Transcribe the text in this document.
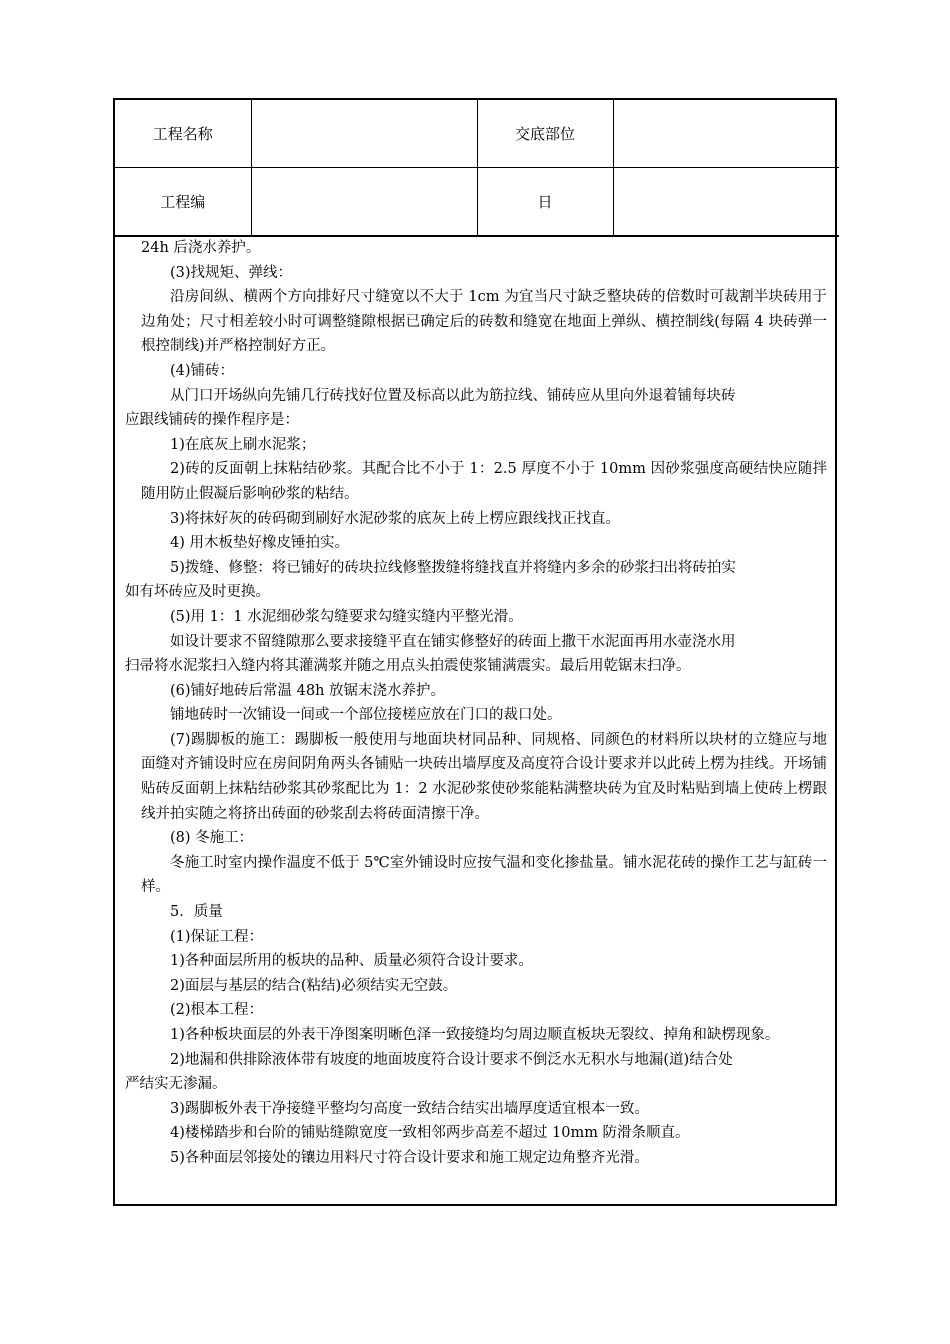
工程名称		交底部位	
工程编		日	

24h 后浇水养护。

(3)找规矩、弹线：

沿房间纵、横两个方向排好尺寸缝宽以不大于 1cm 为宜当尺寸缺乏整块砖的倍数时可裁割半块砖用于边角处；尺寸相差较小时可调整缝隙根据已确定后的砖数和缝宽在地面上弹纵、横控制线(每隔 4 块砖弹一根控制线)并严格控制好方正。

(4)铺砖：

从门口开场纵向先铺几行砖找好位置及标高以此为筋拉线、铺砖应从里向外退着铺每块砖

应跟线铺砖的操作程序是：

1)在底灰上刷水泥浆；

2)砖的反面朝上抹粘结砂浆。其配合比不小于 1：2.5 厚度不小于 10mm 因砂浆强度高硬结快应随拌随用防止假凝后影响砂浆的粘结。

3)将抹好灰的砖码砌到刷好水泥砂浆的底灰上砖上楞应跟线找正找直。

4) 用木板垫好橡皮锤拍实。

5)拨缝、修整：将已铺好的砖块拉线修整拨缝将缝找直并将缝内多余的砂浆扫出将砖拍实

如有坏砖应及时更换。

(5)用 1：1 水泥细砂浆勾缝要求勾缝实缝内平整光滑。

如设计要求不留缝隙那么要求接缝平直在铺实修整好的砖面上撒干水泥面再用水壶浇水用

扫帚将水泥浆扫入缝内将其灌满浆并随之用点头拍震使浆铺满震实。最后用乾锯末扫净。

(6)铺好地砖后常温 48h 放锯末浇水养护。

铺地砖时一次铺设一间或一个部位接槎应放在门口的裁口处。

(7)踢脚板的施工：踢脚板一般使用与地面块材同品种、同规格、同颜色的材料所以块材的立缝应与地面缝对齐铺设时应在房间阴角两头各铺贴一块砖出墙厚度及高度符合设计要求并以此砖上楞为挂线。开场铺贴砖反面朝上抹粘结砂浆其砂浆配比为 1：2 水泥砂浆使砂浆能粘满整块砖为宜及时粘贴到墙上使砖上楞跟线并拍实随之将挤出砖面的砂浆刮去将砖面清擦干净。

(8) 冬施工：

冬施工时室内操作温度不低于 5℃室外铺设时应按气温和变化掺盐量。铺水泥花砖的操作工艺与缸砖一样。

5．质量

(1)保证工程：

1)各种面层所用的板块的品种、质量必须符合设计要求。

2)面层与基层的结合(粘结)必须结实无空鼓。

(2)根本工程：

1)各种板块面层的外表干净图案明晰色泽一致接缝均匀周边顺直板块无裂纹、掉角和缺楞现象。

2)地漏和供排除液体带有坡度的地面坡度符合设计要求不倒泛水无积水与地漏(道)结合处

严结实无渗漏。

3)踢脚板外表干净接缝平整均匀高度一致结合结实出墙厚度适宜根本一致。

4)楼梯踏步和台阶的铺贴缝隙宽度一致相邻两步高差不超过 10mm 防滑条顺直。

5)各种面层邻接处的镶边用料尺寸符合设计要求和施工规定边角整齐光滑。
